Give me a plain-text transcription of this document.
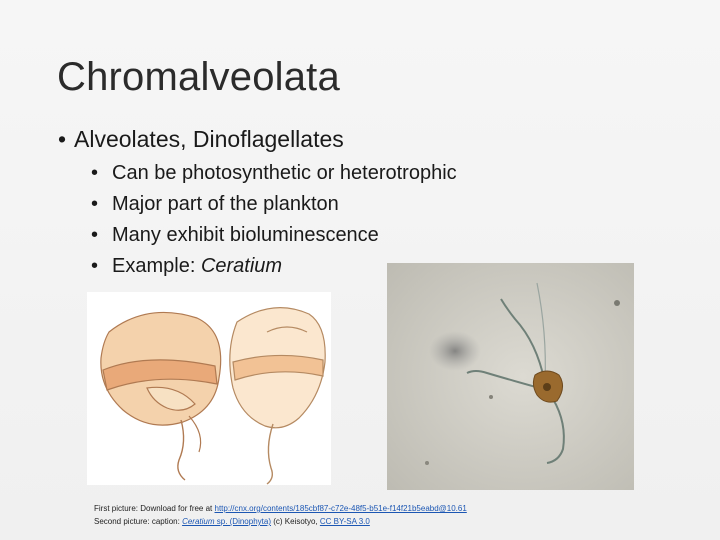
Chromalveolata
• Alveolates, Dinoflagellates
• Can be photosynthetic or heterotrophic
• Major part of the plankton
• Many exhibit bioluminescence
• Example: Ceratium
First picture: Download for free at http://cnx.org/contents/185cbf87-c72e-48f5-b51e-f14f21b5eabd@10.61
Second picture: caption: Ceratium sp. (Dinophyta) (c) Keisotyo, CC BY-SA 3.0
